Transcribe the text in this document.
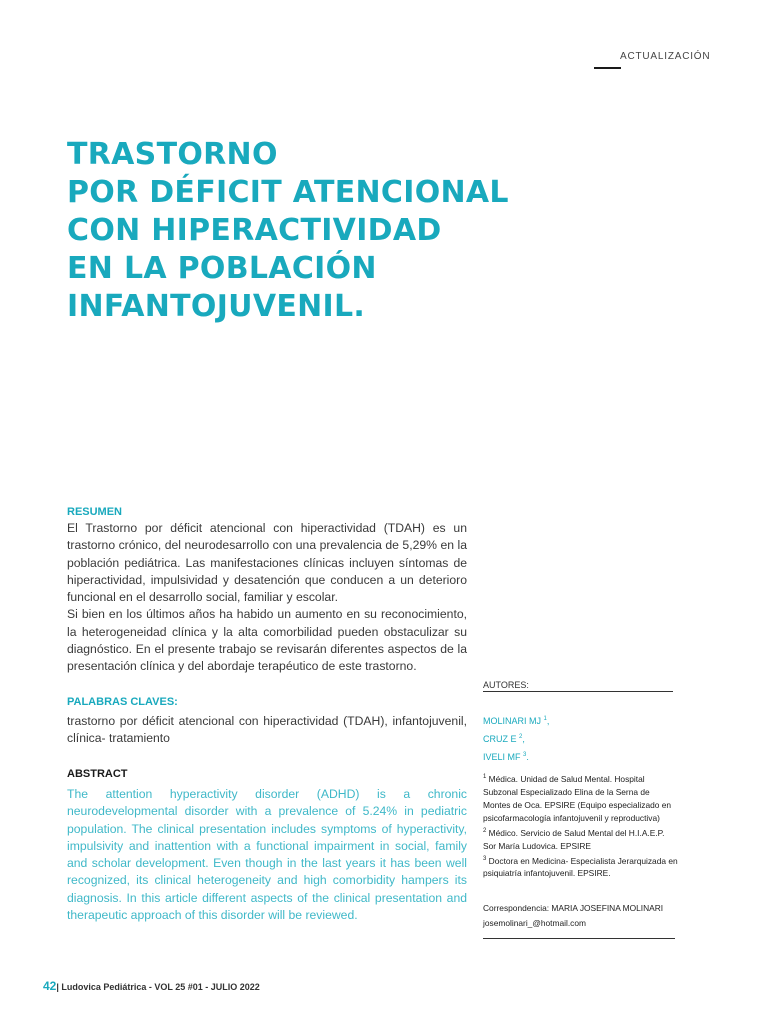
ACTUALIZACIÓN
TRASTORNO
POR DÉFICIT ATENCIONAL
CON HIPERACTIVIDAD
EN LA POBLACIÓN
INFANTOJUVENIL.
RESUMEN

El Trastorno por déficit atencional con hiperactividad (TDAH) es un trastorno crónico, del neurodesarrollo con una prevalencia de 5,29% en la población pediátrica. Las manifestaciones clínicas incluyen síntomas de hiperactividad, impulsividad y desatención que conducen a un deterioro funcional en el desarrollo social, familiar y escolar.

Si bien en los últimos años ha habido un aumento en su reconocimiento, la heterogeneidad clínica y la alta comorbilidad pueden obstaculizar su diagnóstico. En el presente trabajo se revisarán diferentes aspectos de la presentación clínica y del abordaje terapéutico de este trastorno.

PALABRAS CLAVES:
trastorno por déficit atencional con hiperactividad (TDAH), infantojuvenil, clínica- tratamiento
ABSTRACT
The attention hyperactivity disorder (ADHD) is a chronic neurodevelopmental disorder with a prevalence of 5.24% in pediatric population. The clinical presentation includes symptoms of hyperactivity, impulsivity and inattention with a functional impairment in social, family and scholar development. Even though in the last years it has been well recognized, its clinical heterogeneity and high comorbidity hampers its diagnosis. In this article different aspects of the clinical presentation and therapeutic approach of this disorder will be reviewed.
AUTORES:
MOLINARI MJ $^1$,
CRUZ E $^2$,
IVELI MF $^3$.

$^1$ Médica. Unidad de Salud Mental. Hospital Subzonal Especializado Elina de la Serna de Montes de Oca. EPSIRE (Equipo especializado en psicofarmacología infantojuvenil y reproductiva)

$^2$ Médico. Servicio de Salud Mental del H.I.A.E.P. Sor María Ludovica. EPSIRE

$^3$ Doctora en Medicina- Especialista Jerarquizada en psiquiatría infantojuvenil. EPSIRE.

Correspondencia: MARIA JOSEFINA MOLINARI
josemolinari_@hotmail.com
42| Ludovica Pediátrica - VOL 25 #01 - JULIO 2022
